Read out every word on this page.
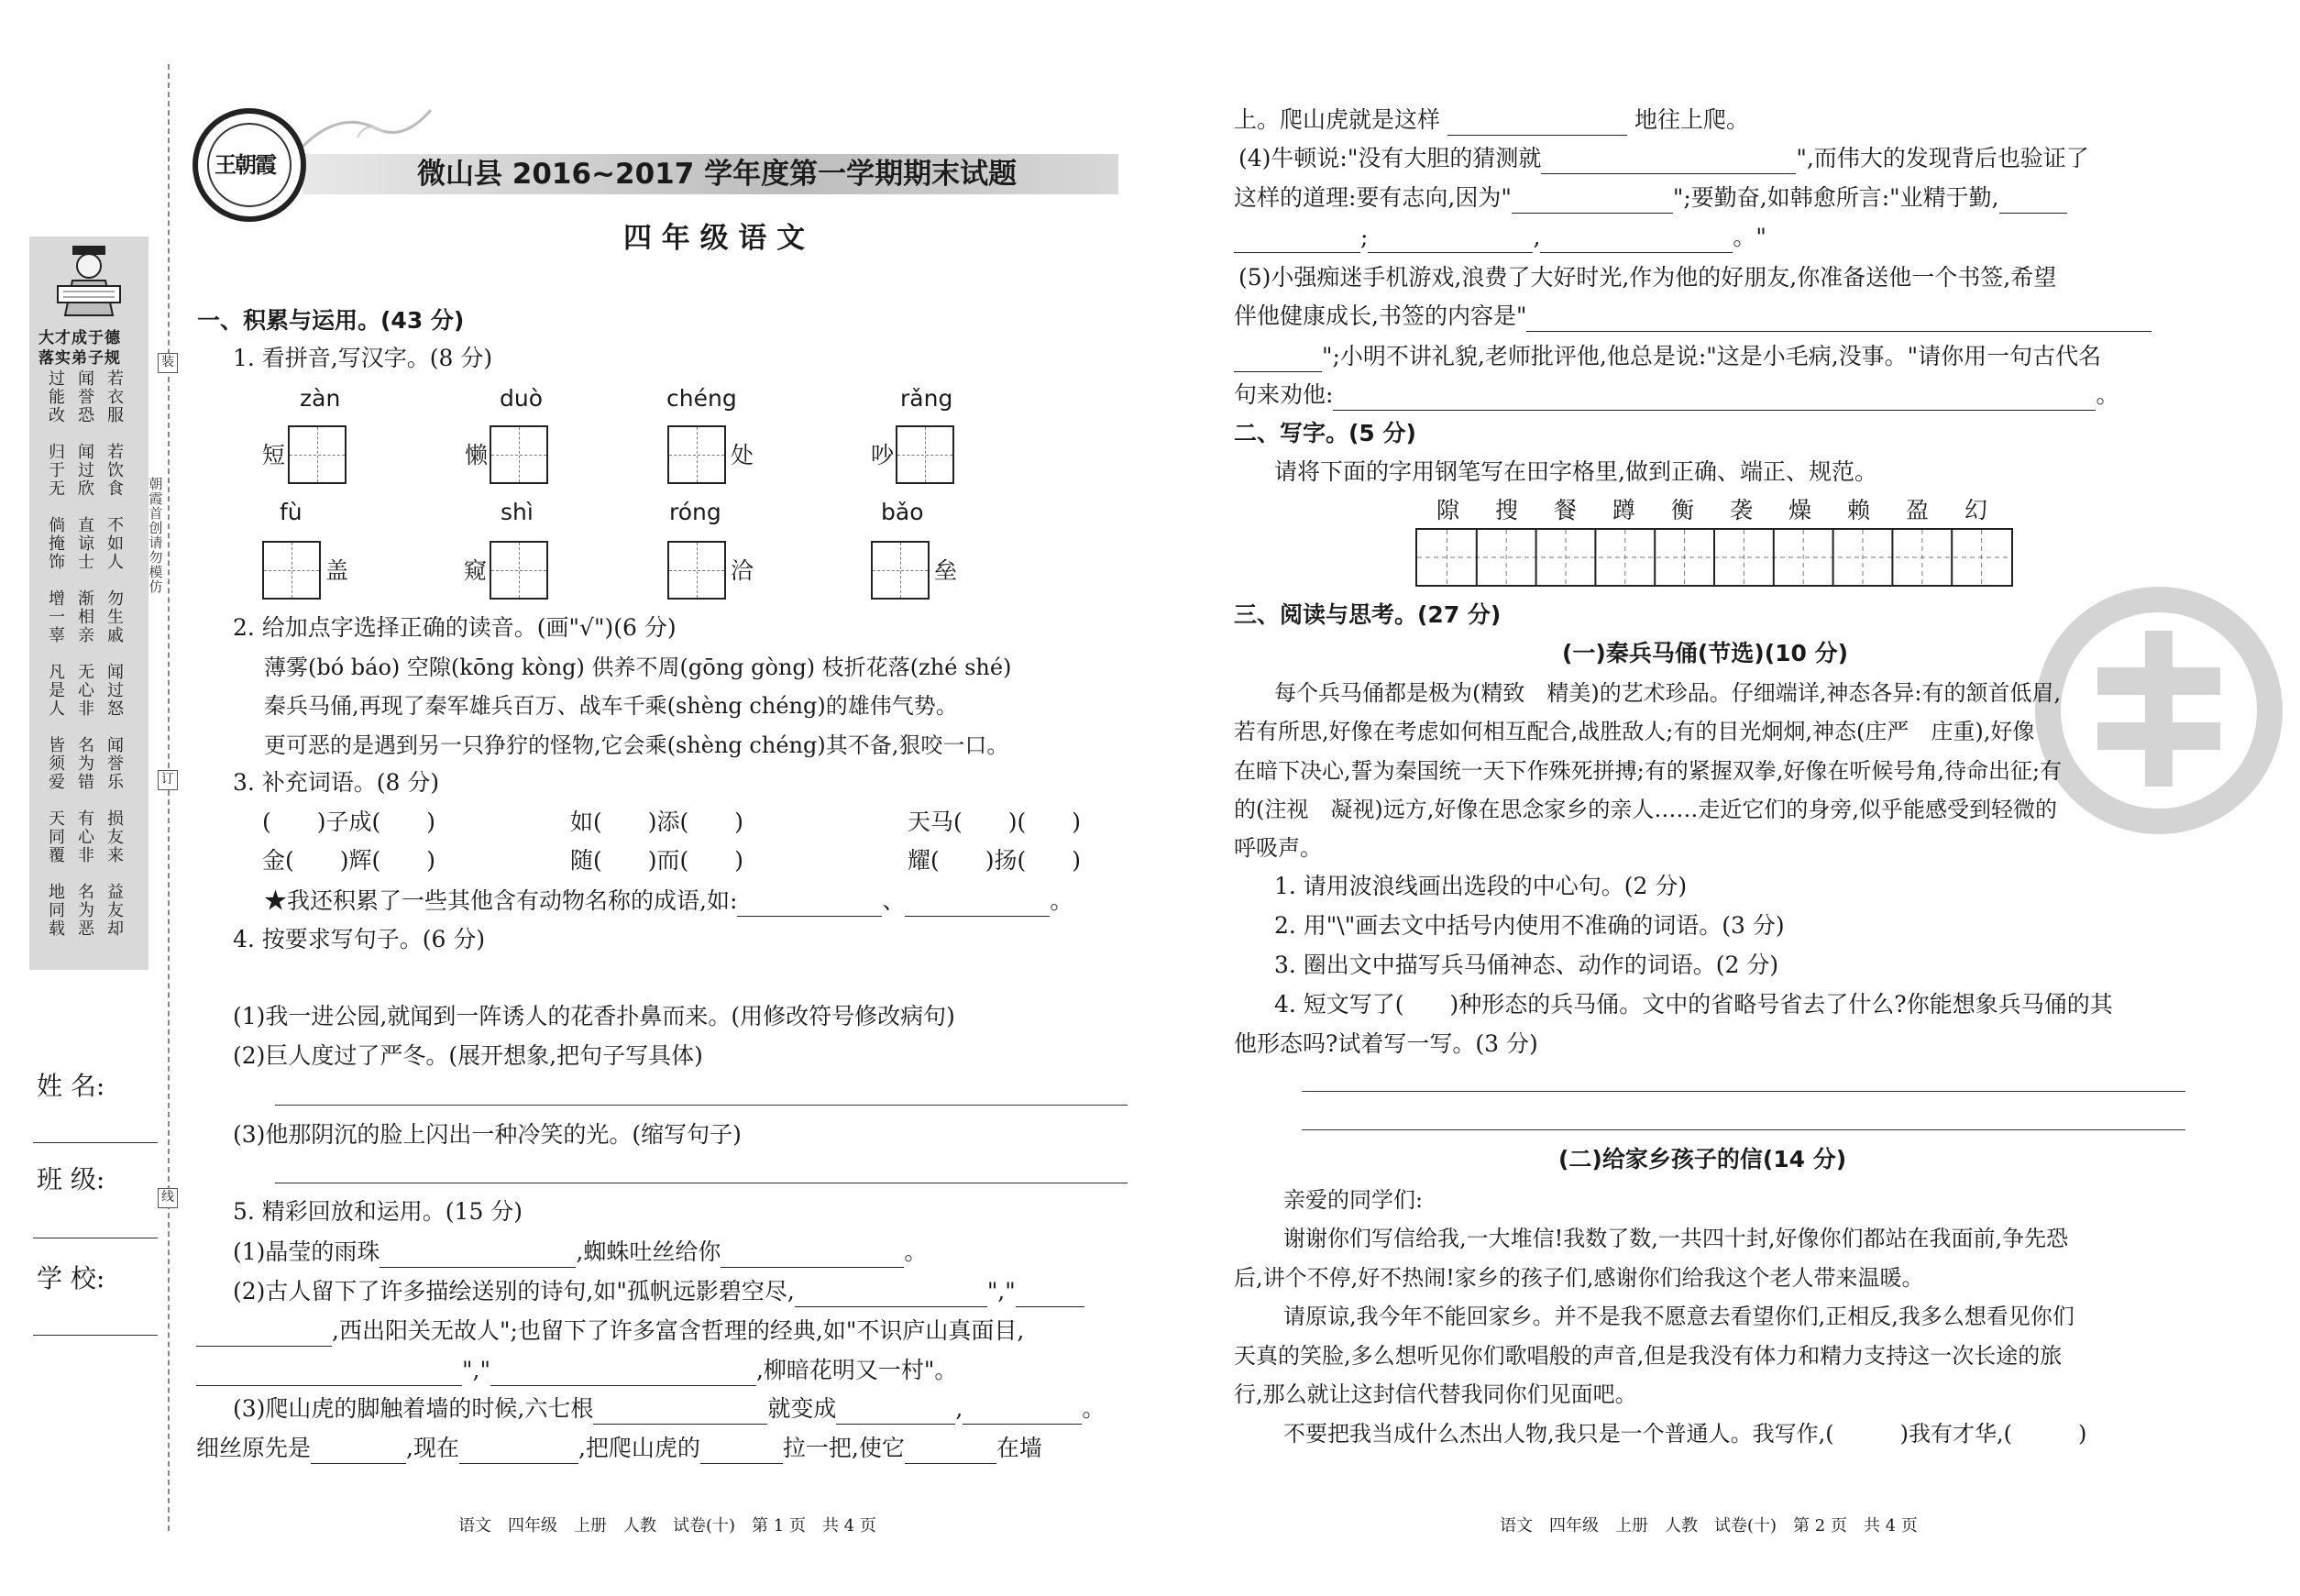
大才成于德
落实弟子规
过能改
闻誉恐
若衣服
归于无
闻过欣
若饮食
倘掩饰
直谅士
不如人
增一辜
渐相亲
勿生戚
凡是人
无心非
闻过怒
皆须爱
名为错
闻誉乐
天同覆
有心非
损友来
地同载
名为恶
益友却
装
朝霞首创　请勿模仿
订
线
姓 名:
班 级:
学 校:
王朝霞	微山县 2016~2017 学年度第一学期期末试题
四 年 级 语 文
一、积累与运用。(43 分)
1. 看拼音,写汉字。(8 分)
zàn	duò	chéng	rǎng
短	懒	处	吵
fù	shì	róng	bǎo
盖	窥	洽	垒
2. 给加点字选择正确的读音。(画"√")(6 分)
薄雾(bó báo) 空隙(kōng kòng) 供养不周(gōng gòng) 枝折花落(zhé shé)
秦兵马俑,再现了秦军雄兵百万、战车千乘(shèng chéng)的雄伟气势。
更可恶的是遇到另一只狰狞的怪物,它会乘(shèng chéng)其不备,狠咬一口。
3. 补充词语。(8 分)
(　　)子成(　　)	如(　　)添(　　)	天马(　　)(　　)
金(　　)辉(　　)	随(　　)而(　　)	耀(　　)扬(　　)
★我还积累了一些其他含有动物名称的成语,如:	、	。
4. 按要求写句子。(6 分)
(1)我一进公园,就闻到一阵诱人的花香扑鼻而来。(用修改符号修改病句)
(2)巨人度过了严冬。(展开想象,把句子写具体)
(3)他那阴沉的脸上闪出一种冷笑的光。(缩写句子)
5. 精彩回放和运用。(15 分)
(1)晶莹的雨珠	,蜘蛛吐丝给你	。
(2)古人留下了许多描绘送别的诗句,如"孤帆远影碧空尽,	","
,西出阳关无故人";也留下了许多富含哲理的经典,如"不识庐山真面目,
","	,柳暗花明又一村"。
(3)爬山虎的脚触着墙的时候,六七根	就变成	,	。
细丝原先是	,现在	,把爬山虎的	拉一把,使它	在墙
语文　四年级　上册　人教　试卷(十)　第 1 页　共 4 页
上。爬山虎就是这样	地往上爬。
(4)牛顿说:"没有大胆的猜测就	",而伟大的发现背后也验证了
这样的道理:要有志向,因为"	";要勤奋,如韩愈所言:"业精于勤,
;	,	。"
(5)小强痴迷手机游戏,浪费了大好时光,作为他的好朋友,你准备送他一个书签,希望
伴他健康成长,书签的内容是"
";小明不讲礼貌,老师批评他,他总是说:"这是小毛病,没事。"请你用一句古代名
句来劝他:	。
二、写字。(5 分)
请将下面的字用钢笔写在田字格里,做到正确、端正、规范。
隙 搜 餐 蹲 衡 袭 燥 赖 盈 幻
三、阅读与思考。(27 分)
(一)秦兵马俑(节选)(10 分)
每个兵马俑都是极为(精致　精美)的艺术珍品。仔细端详,神态各异:有的颔首低眉,
若有所思,好像在考虑如何相互配合,战胜敌人;有的目光炯炯,神态(庄严　庄重),好像
在暗下决心,誓为秦国统一天下作殊死拼搏;有的紧握双拳,好像在听候号角,待命出征;有
的(注视　凝视)远方,好像在思念家乡的亲人……走近它们的身旁,似乎能感受到轻微的
呼吸声。
1. 请用波浪线画出选段的中心句。(2 分)
2. 用"\"画去文中括号内使用不准确的词语。(3 分)
3. 圈出文中描写兵马俑神态、动作的词语。(2 分)
4. 短文写了(　　)种形态的兵马俑。文中的省略号省去了什么?你能想象兵马俑的其
他形态吗?试着写一写。(3 分)
(二)给家乡孩子的信(14 分)
亲爱的同学们:
谢谢你们写信给我,一大堆信!我数了数,一共四十封,好像你们都站在我面前,争先恐
后,讲个不停,好不热闹!家乡的孩子们,感谢你们给我这个老人带来温暖。
请原谅,我今年不能回家乡。并不是我不愿意去看望你们,正相反,我多么想看见你们
天真的笑脸,多么想听见你们歌唱般的声音,但是我没有体力和精力支持这一次长途的旅
行,那么就让这封信代替我同你们见面吧。
不要把我当成什么杰出人物,我只是一个普通人。我写作,(　　　)我有才华,(　　　)
语文　四年级　上册　人教　试卷(十)　第 2 页　共 4 页
